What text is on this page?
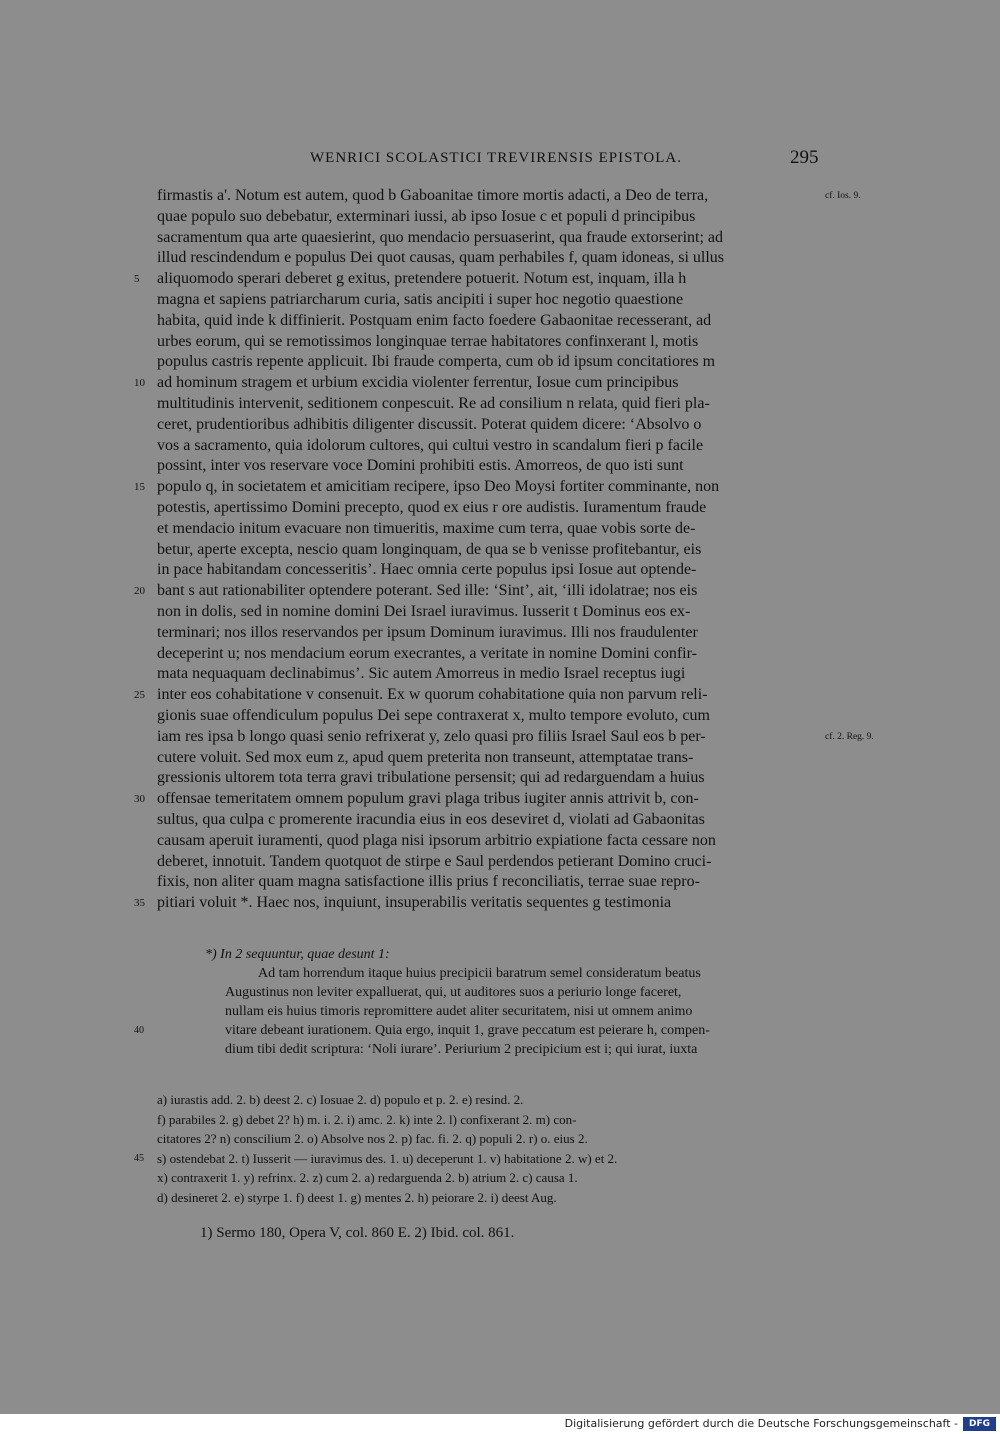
WENRICI SCOLASTICI TREVIRENSIS EPISTOLA.	295
firmastis a'. Notum est autem, quod b Gaboanitae timore mortis adacti, a Deo de terra,	cf. Ios. 9.
quae populo suo debebatur, exterminari iussi, ab ipso Iosue c et populi d principibus
sacramentum qua arte quaesierint, quo mendacio persuaserint, qua fraude extorserint; ad
illud rescindendum e populus Dei quot causas, quam perhabiles f, quam idoneas, si ullus
5 aliquomodo sperari deberet g exitus, pretendere potuerit. Notum est, inquam, illa h
magna et sapiens patriarcharum curia, satis ancipiti i super hoc negotio quaestione
habita, quid inde k diffinierit. Postquam enim facto foedere Gabaonitae recesserant, ad
urbes eorum, qui se remotissimos longinquae terrae habitatores confinxerant l, motis
populus castris repente applicuit. Ibi fraude comperta, cum ob id ipsum concitatiores m
10 ad hominum stragem et urbium excidia violenter ferrentur, Iosue cum principibus
multitudinis intervenit, seditionem conpescuit. Re ad consilium n relata, quid fieri pla-
ceret, prudentioribus adhibitis diligenter discussit. Poterat quidem dicere: ‘Absolvo o
vos a sacramento, quia idolorum cultores, qui cultui vestro in scandalum fieri p facile
possint, inter vos reservare voce Domini prohibiti estis. Amorreos, de quo isti sunt
15 populo q, in societatem et amicitiam recipere, ipso Deo Moysi fortiter comminante, non
potestis, apertissimo Domini precepto, quod ex eius r ore audistis. Iuramentum fraude
et mendacio initum evacuare non timueritis, maxime cum terra, quae vobis sorte de-
betur, aperte excepta, nescio quam longinquam, de qua se b venisse profitebantur, eis
in pace habitandam concesseritis’. Haec omnia certe populus ipsi Iosue aut optende-
20 bant s aut rationabiliter optendere poterant. Sed ille: ‘Sint’, ait, ‘illi idolatrae; nos eis
non in dolis, sed in nomine domini Dei Israel iuravimus. Iusserit t Dominus eos ex-
terminari; nos illos reservandos per ipsum Dominum iuravimus. Illi nos fraudulenter
deceperint u; nos mendacium eorum execrantes, a veritate in nomine Domini confir-
mata nequaquam declinabimus’. Sic autem Amorreus in medio Israel receptus iugi
25 inter eos cohabitatione v consenuit. Ex w quorum cohabitatione quia non parvum reli-
gionis suae offendiculum populus Dei sepe contraxerat x, multo tempore evoluto, cum
iam res ipsa b longo quasi senio refrixerat y, zelo quasi pro filiis Israel Saul eos b per-	cf. 2. Reg. 9.
cutere voluit. Sed mox eum z, apud quem preterita non transeunt, attemptatae trans-
gressionis ultorem tota terra gravi tribulatione persensit; qui ad redarguendam a huius
30 offensae temeritatem omnem populum gravi plaga tribus iugiter annis attrivit b, con-
sultus, qua culpa c promerente iracundia eius in eos deseviret d, violati ad Gabaonitas
causam aperuit iuramenti, quod plaga nisi ipsorum arbitrio expiatione facta cessare non
deberet, innotuit. Tandem quotquot de stirpe e Saul perdendos petierant Domino cruci-
fixis, non aliter quam magna satisfactione illis prius f reconciliatis, terrae suae repro-
35 pitiari voluit *. Haec nos, inquiunt, insuperabilis veritatis sequentes g testimonia
*) In 2 sequuntur, quae desunt 1:
Ad tam horrendum itaque huius precipicii baratrum semel consideratum beatus
Augustinus non leviter expalluerat, qui, ut auditores suos a periurio longe faceret,
nullam eis huius timoris repromittere audet aliter securitatem, nisi ut omnem animo
40	vitare debeant iurationem. Quia ergo, inquit 1, grave peccatum est peierare h, compen-
dium tibi dedit scriptura: ‘Noli iurare’. Periurium 2 precipicium est i; qui iurat, iuxta
a) iurastis add. 2. b) deest 2. c) Iosuae 2. d) populo et p. 2. e) resind. 2.
f) parabiles 2. g) debet 2? h) m. i. 2. i) amc. 2. k) inte 2. l) confixerant 2. m) con-
citatores 2? n) conscilium 2. o) Absolve nos 2. p) fac. fi. 2. q) populi 2. r) o. eius 2.
45 s) ostendebat 2. t) Iusserit — iuravimus des. 1. u) deceperunt 1. v) habitatione 2. w) et 2.
x) contraxerit 1. y) refrinx. 2. z) cum 2. a) redarguenda 2. b) atrium 2. c) causa 1.
d) desineret 2. e) styrpe 1. f) deest 1. g) mentes 2. h) peiorare 2. i) deest Aug.
1) Sermo 180, Opera V, col. 860 E. 2) Ibid. col. 861.
Digitalisierung gefördert durch die Deutsche Forschungsgemeinschaft -	DFG
